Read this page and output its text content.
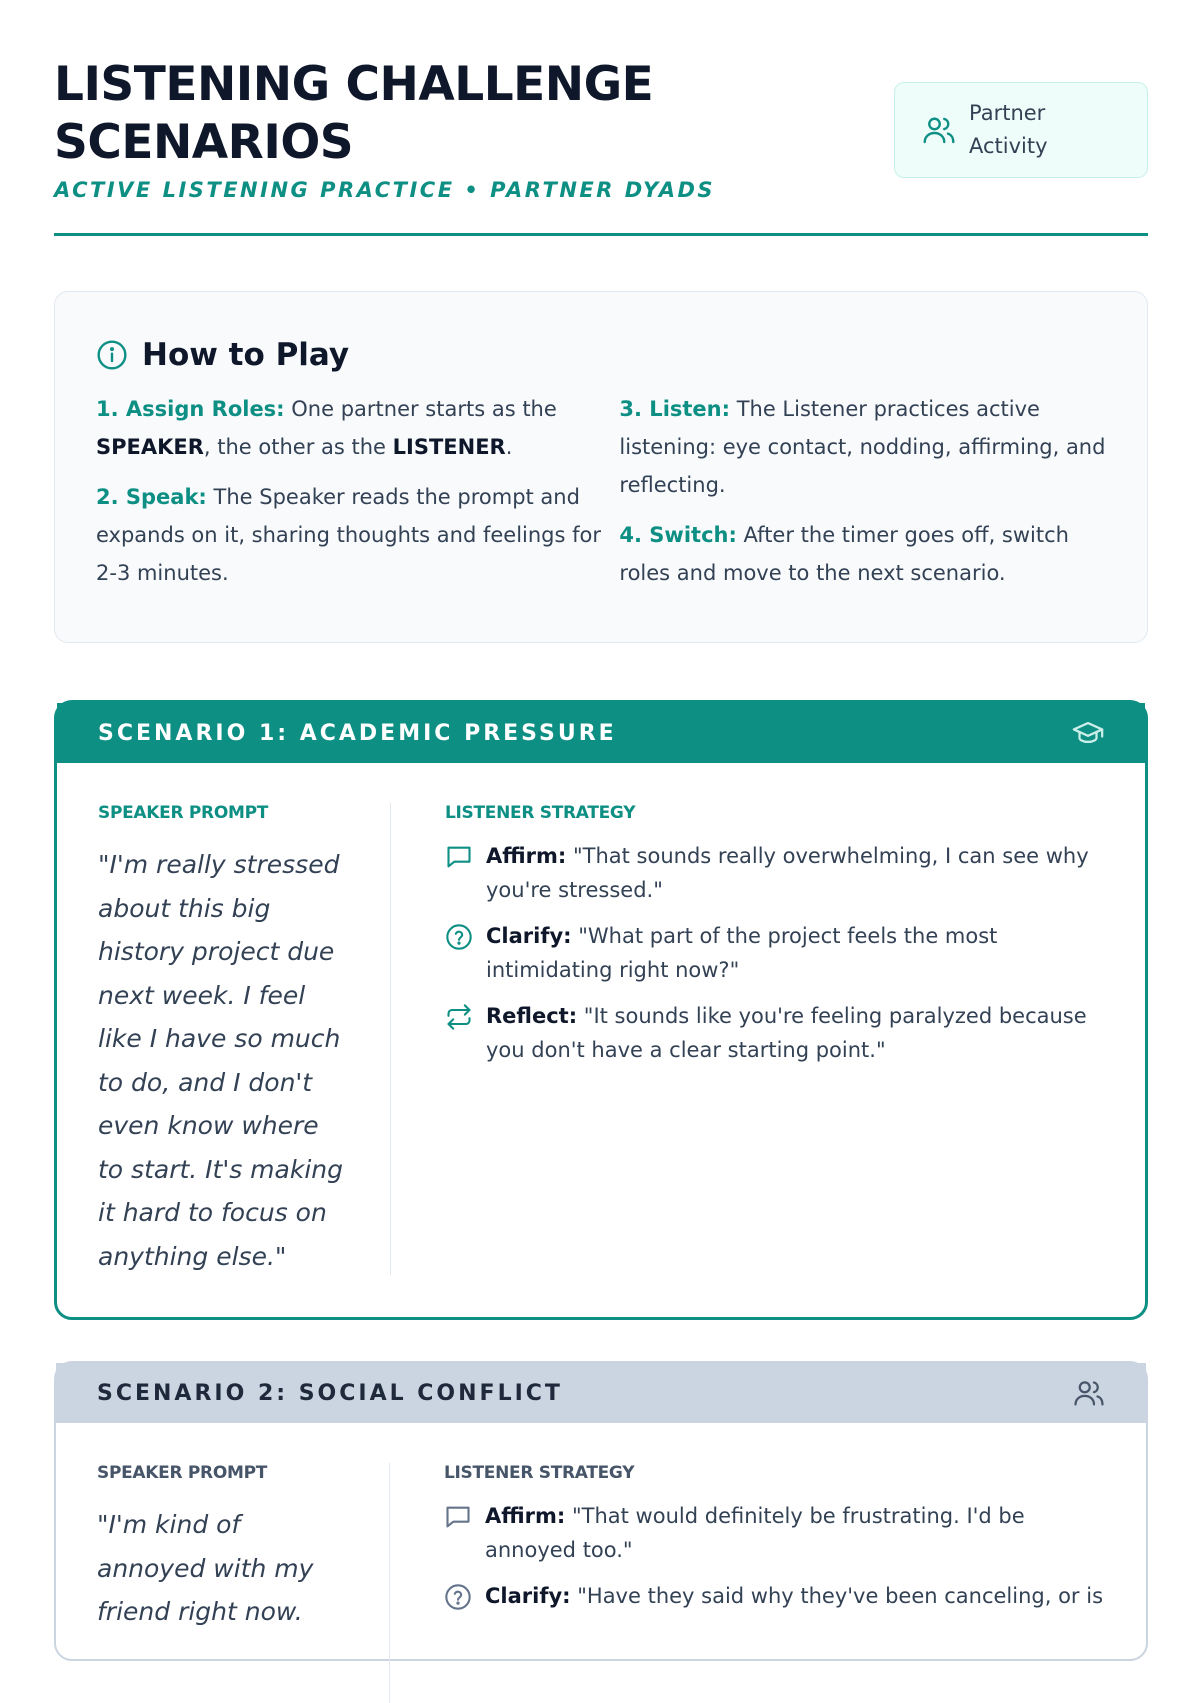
LISTENING CHALLENGE SCENARIOS
ACTIVE LISTENING PRACTICE • PARTNER DYADS
Partner Activity
How to Play

1. Assign Roles: One partner starts as the SPEAKER, the other as the LISTENER.

2. Speak: The Speaker reads the prompt and expands on it, sharing thoughts and feelings for 2-3 minutes.

3. Listen: The Listener practices active listening: eye contact, nodding, affirming, and reflecting.

4. Switch: After the timer goes off, switch roles and move to the next scenario.

SCENARIO 1: ACADEMIC PRESSURE
SPEAKER PROMPT

"I'm really stressed about this big history project due next week. I feel like I have so much to do, and I don't even know where to start. It's making it hard to focus on anything else."

LISTENER STRATEGY

Affirm: "That sounds really overwhelming, I can see why you're stressed."

Clarify: "What part of the project feels the most intimidating right now?"

Reflect: "It sounds like you're feeling paralyzed because you don't have a clear starting point."

SCENARIO 2: SOCIAL CONFLICT
SPEAKER PROMPT

"I'm kind of annoyed with my friend right now.

LISTENER STRATEGY

Affirm: "That would definitely be frustrating. I'd be annoyed too."

Clarify: "Have they said why they've been canceling, or is
